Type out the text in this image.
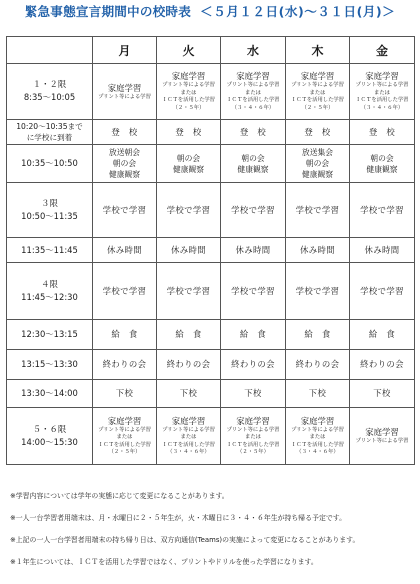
緊急事態宣言期間中の校時表 ＜５月１２日(水)～３１日(月)＞
	月	火	水	木	金

１・２限
8:35～10:05	家庭学習
プリント等による学習	家庭学習
プリント等による学習
または
ＩＣＴを活用した学習
（２・５年）	家庭学習
プリント等による学習
または
ＩＣＴを活用した学習
（３・４・６年）	家庭学習
プリント等による学習
または
ＩＣＴを活用した学習
（２・５年）	家庭学習
プリント等による学習
または
ＩＣＴを活用した学習
（３・４・６年）

10:20～10:35まで
に学校に到着	登　校	登　校	登　校	登　校	登　校

10:35～10:50	放送朝会
朝の会
健康観察	朝の会
健康観察	朝の会
健康観察	放送集会
朝の会
健康観察	朝の会
健康観察

３限
10:50～11:35	学校で学習	学校で学習	学校で学習	学校で学習	学校で学習

11:35～11:45	休み時間	休み時間	休み時間	休み時間	休み時間

４限
11:45～12:30	学校で学習	学校で学習	学校で学習	学校で学習	学校で学習

12:30～13:15	給　食	給　食	給　食	給　食	給　食

13:15～13:30	終わりの会	終わりの会	終わりの会	終わりの会	終わりの会

13:30～14:00	下校	下校	下校	下校	下校

５・６限
14:00～15:30	家庭学習
プリント等による学習
または
ＩＣＴを活用した学習
（２・５年）	家庭学習
プリント等による学習
または
ＩＣＴを活用した学習
（３・４・６年）	家庭学習
プリント等による学習
または
ＩＣＴを活用した学習
（２・５年）	家庭学習
プリント等による学習
または
ＩＣＴを活用した学習
（３・４・６年）	家庭学習
プリント等による学習
※学習内容については学年の実態に応じて変更になることがあります。
※一人一台学習者用端末は、月・水曜日に２・５年生が，火・木曜日に３・４・６年生が持ち帰る予定です。
※上記の一人一台学習者用端末の持ち帰り日は、双方向通信(Teams)の実施によって変更になることがあります。
※１年生については、ＩＣＴを活用した学習ではなく、プリントやドリルを使った学習になります。
